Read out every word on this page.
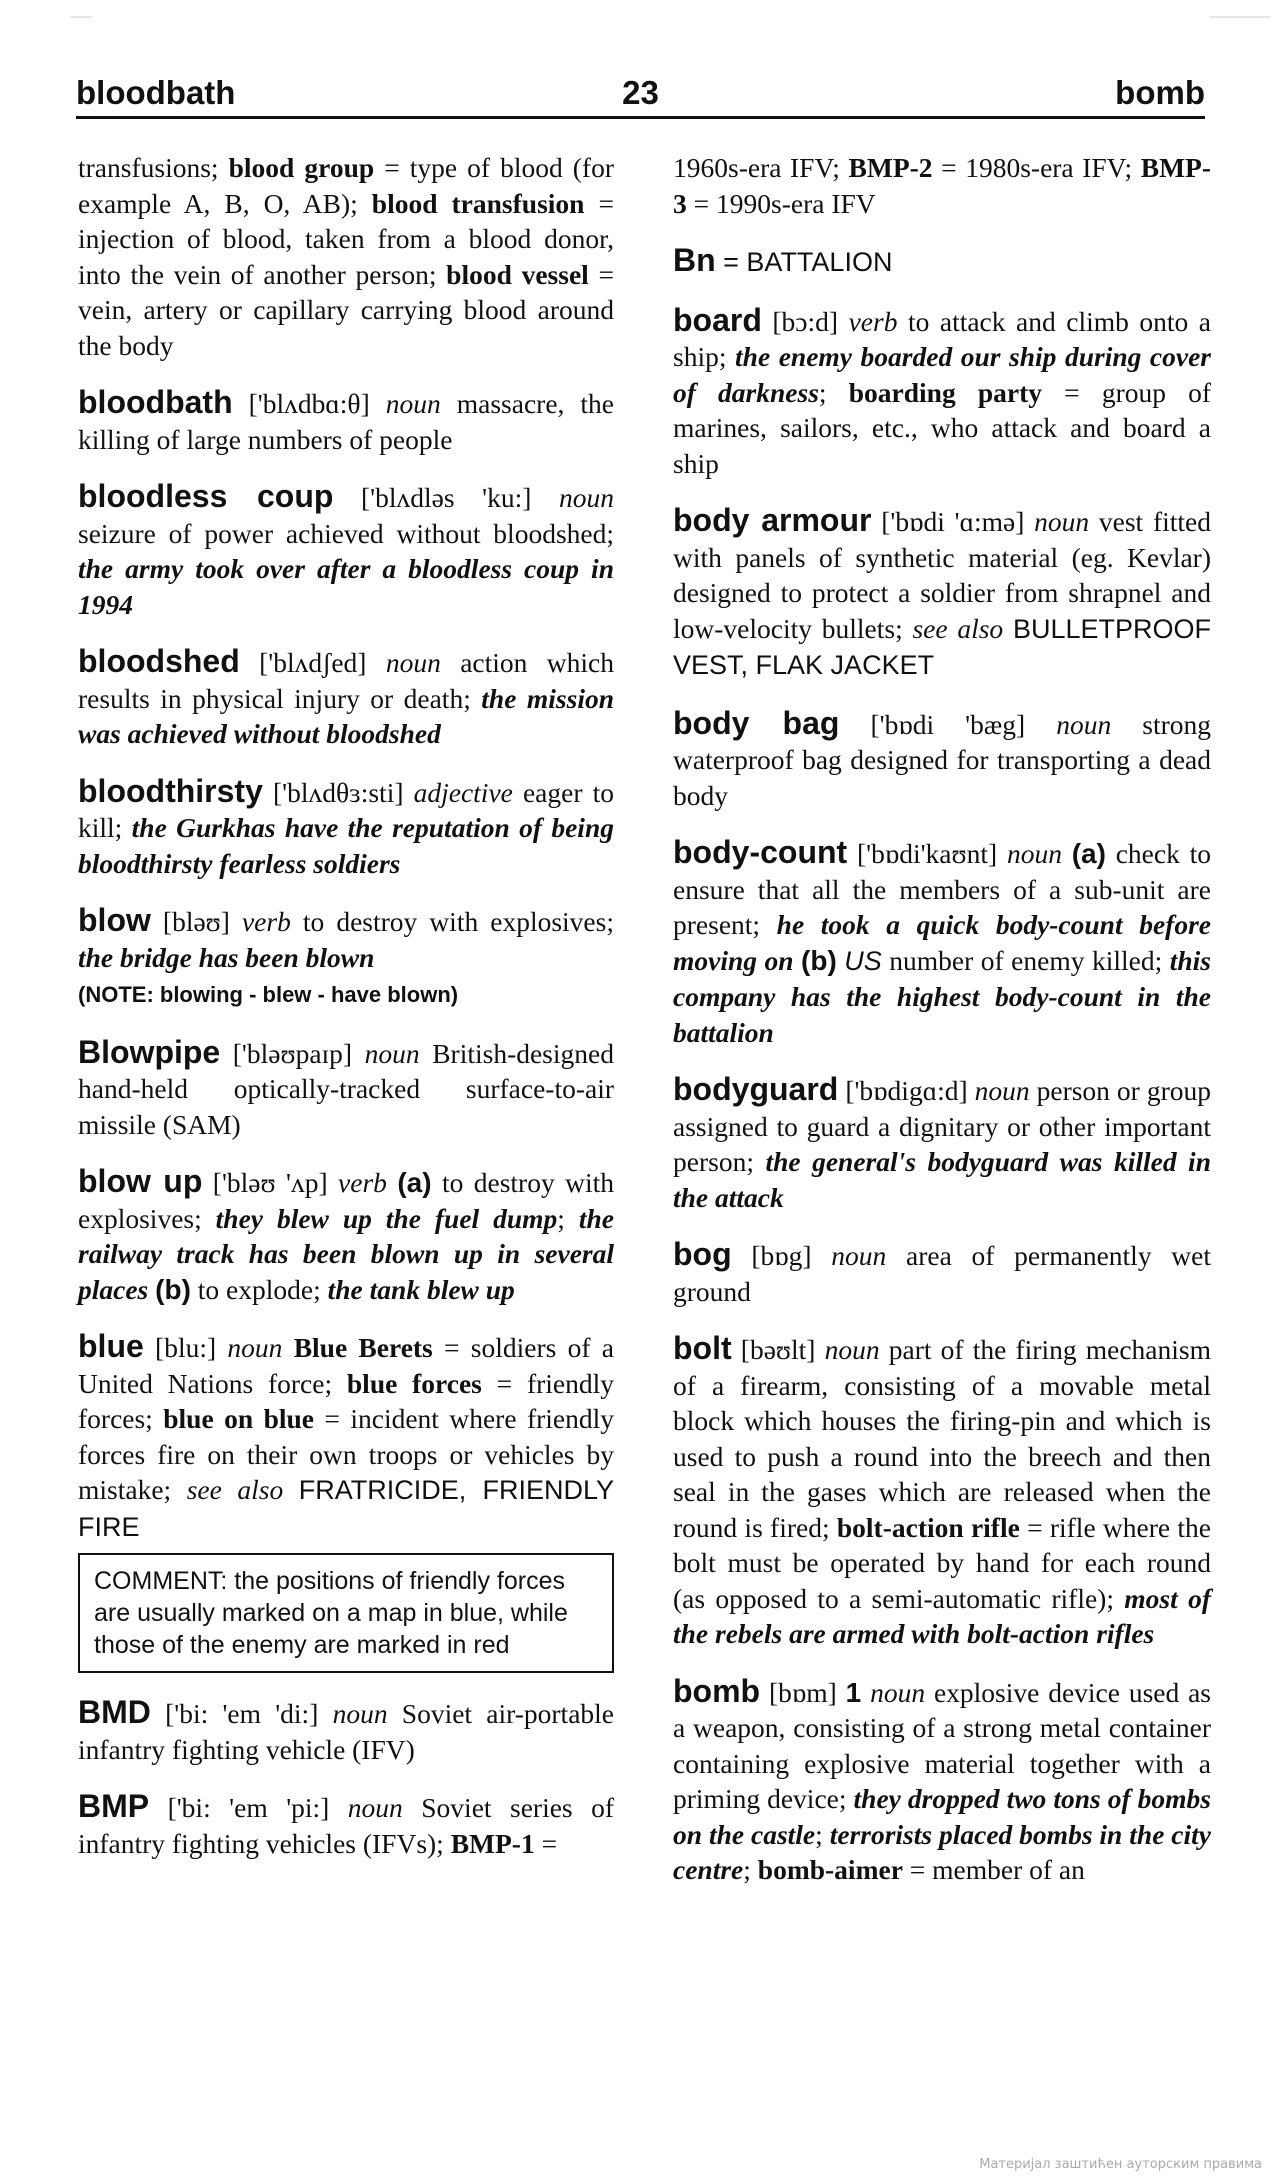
bloodbath	23	bomb
transfusions; blood group = type of blood (for example A, B, O, AB); blood transfusion = injection of blood, taken from a blood donor, into the vein of another person; blood vessel = vein, artery or capillary carrying blood around the body
bloodbath ['blʌdbɑ:θ] noun massacre, the killing of large numbers of people
bloodless coup ['blʌdləs 'ku:] noun seizure of power achieved without bloodshed; the army took over after a bloodless coup in 1994
bloodshed ['blʌdʃed] noun action which results in physical injury or death; the mission was achieved without bloodshed
bloodthirsty ['blʌdθɜ:sti] adjective eager to kill; the Gurkhas have the reputation of being bloodthirsty fearless soldiers
blow [bləʊ] verb to destroy with explosives; the bridge has been blown
(NOTE: blowing - blew - have blown)
Blowpipe ['bləʊpaɪp] noun British-designed hand-held optically-tracked surface-to-air missile (SAM)
blow up ['bləʊ 'ʌp] verb (a) to destroy with explosives; they blew up the fuel dump; the railway track has been blown up in several places (b) to explode; the tank blew up
blue [blu:] noun Blue Berets = soldiers of a United Nations force; blue forces = friendly forces; blue on blue = incident where friendly forces fire on their own troops or vehicles by mistake; see also FRATRICIDE, FRIENDLY FIRE
COMMENT: the positions of friendly forces are usually marked on a map in blue, while those of the enemy are marked in red
BMD ['bi: 'em 'di:] noun Soviet air-portable infantry fighting vehicle (IFV)
BMP ['bi: 'em 'pi:] noun Soviet series of infantry fighting vehicles (IFVs); BMP-1 =
1960s-era IFV; BMP-2 = 1980s-era IFV; BMP-3 = 1990s-era IFV
Bn = BATTALION
board [bɔ:d] verb to attack and climb onto a ship; the enemy boarded our ship during cover of darkness; boarding party = group of marines, sailors, etc., who attack and board a ship
body armour ['bɒdi 'ɑ:mə] noun vest fitted with panels of synthetic material (eg. Kevlar) designed to protect a soldier from shrapnel and low-velocity bullets; see also BULLETPROOF VEST, FLAK JACKET
body bag ['bɒdi 'bæg] noun strong waterproof bag designed for transporting a dead body
body-count ['bɒdi'kaʊnt] noun (a) check to ensure that all the members of a sub-unit are present; he took a quick body-count before moving on (b) US number of enemy killed; this company has the highest body-count in the battalion
bodyguard ['bɒdigɑ:d] noun person or group assigned to guard a dignitary or other important person; the general's bodyguard was killed in the attack
bog [bɒg] noun area of permanently wet ground
bolt [bəʊlt] noun part of the firing mechanism of a firearm, consisting of a movable metal block which houses the firing-pin and which is used to push a round into the breech and then seal in the gases which are released when the round is fired; bolt-action rifle = rifle where the bolt must be operated by hand for each round (as opposed to a semi-automatic rifle); most of the rebels are armed with bolt-action rifles
bomb [bɒm] 1 noun explosive device used as a weapon, consisting of a strong metal container containing explosive material together with a priming device; they dropped two tons of bombs on the castle; terrorists placed bombs in the city centre; bomb-aimer = member of an
Материјал заштићен ауторским правима
